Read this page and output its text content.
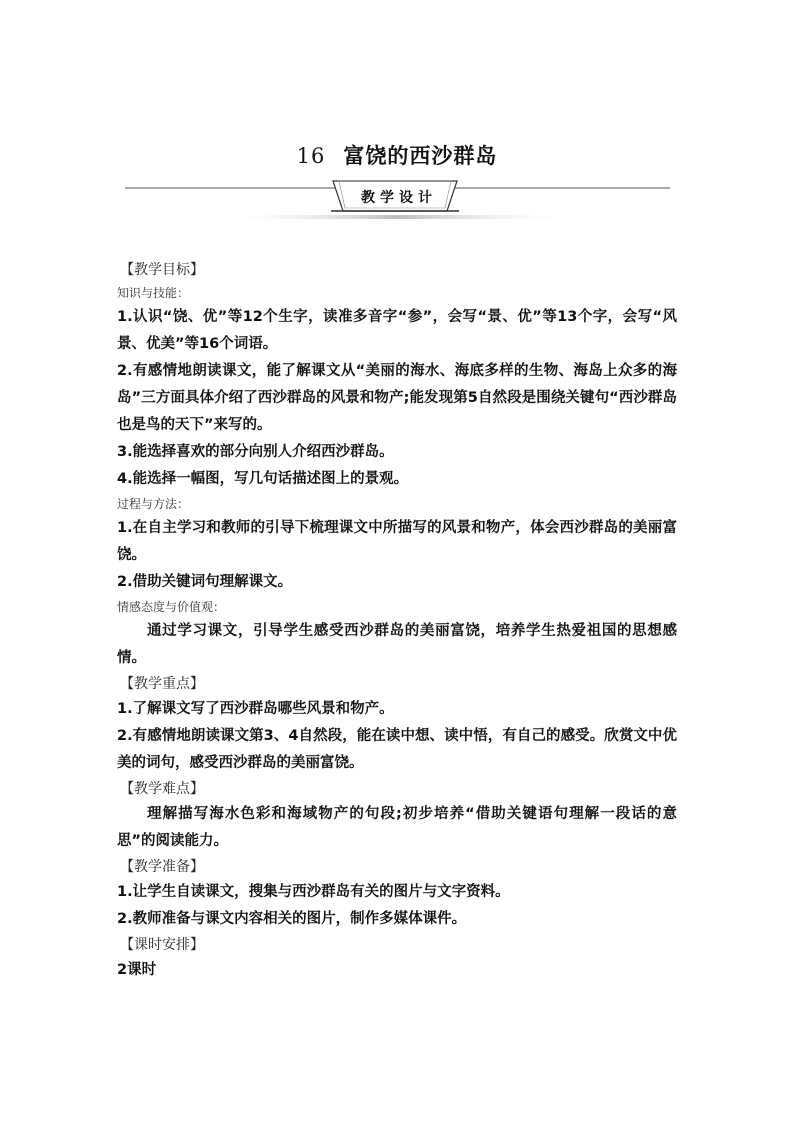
16 富饶的西沙群岛
教学设计
【教学目标】
知识与技能：
1.认识“饶、优”等12个生字，读准多音字“参”，会写“景、优”等13个字，会写“风景、优美”等16个词语。
2.有感情地朗读课文，能了解课文从“美丽的海水、海底多样的生物、海岛上众多的海岛”三方面具体介绍了西沙群岛的风景和物产;能发现第5自然段是围绕关键句“西沙群岛也是鸟的天下”来写的。
3.能选择喜欢的部分向别人介绍西沙群岛。
4.能选择一幅图，写几句话描述图上的景观。
过程与方法：
1.在自主学习和教师的引导下梳理课文中所描写的风景和物产，体会西沙群岛的美丽富饶。
2.借助关键词句理解课文。
情感态度与价值观：
通过学习课文，引导学生感受西沙群岛的美丽富饶，培养学生热爱祖国的思想感情。
【教学重点】
1.了解课文写了西沙群岛哪些风景和物产。
2.有感情地朗读课文第3、4自然段，能在读中想、读中悟，有自己的感受。欣赏文中优美的词句，感受西沙群岛的美丽富饶。
【教学难点】
理解描写海水色彩和海域物产的句段;初步培养“借助关键语句理解一段话的意思”的阅读能力。
【教学准备】
1.让学生自读课文，搜集与西沙群岛有关的图片与文字资料。
2.教师准备与课文内容相关的图片，制作多媒体课件。
【课时安排】
2课时
